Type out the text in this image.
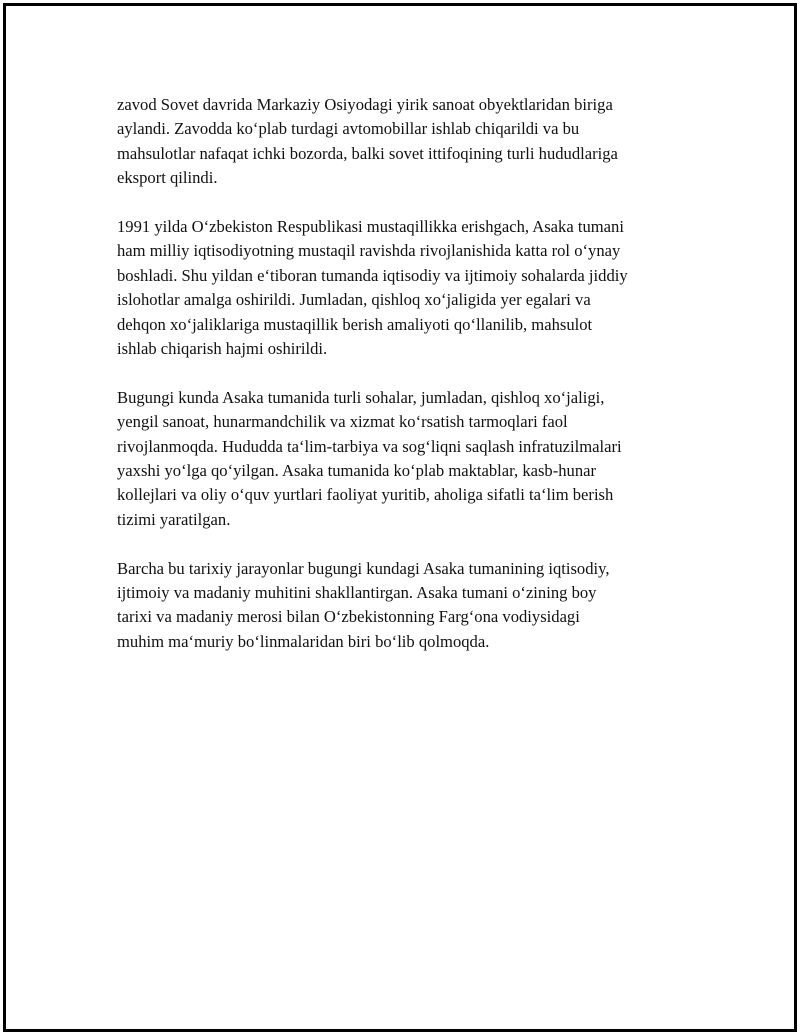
zavod Sovet davrida Markaziy Osiyodagi yirik sanoat obyektlaridan biriga
aylandi. Zavodda koʻplab turdagi avtomobillar ishlab chiqarildi va bu
mahsulotlar nafaqat ichki bozorda, balki sovet ittifoqining turli hududlariga
eksport qilindi.

1991 yilda Oʻzbekiston Respublikasi mustaqillikka erishgach, Asaka tumani
ham milliy iqtisodiyotning mustaqil ravishda rivojlanishida katta rol oʻynay
boshladi. Shu yildan eʻtiboran tumanda iqtisodiy va ijtimoiy sohalarda jiddiy
islohotlar amalga oshirildi. Jumladan, qishloq xoʻjaligida yer egalari va
dehqon xoʻjaliklariga mustaqillik berish amaliyoti qoʻllanilib, mahsulot
ishlab chiqarish hajmi oshirildi.

Bugungi kunda Asaka tumanida turli sohalar, jumladan, qishloq xoʻjaligi,
yengil sanoat, hunarmandchilik va xizmat koʻrsatish tarmoqlari faol
rivojlanmoqda. Hududda taʻlim-tarbiya va sogʻliqni saqlash infratuzilmalari
yaxshi yoʻlga qoʻyilgan. Asaka tumanida koʻplab maktablar, kasb-hunar
kollejlari va oliy oʻquv yurtlari faoliyat yuritib, aholiga sifatli taʻlim berish
tizimi yaratilgan.

Barcha bu tarixiy jarayonlar bugungi kundagi Asaka tumanining iqtisodiy,
ijtimoiy va madaniy muhitini shakllantirgan. Asaka tumani oʻzining boy
tarixi va madaniy merosi bilan Oʻzbekistonning Fargʻona vodiysidagi
muhim maʻmuriy boʻlinmalaridan biri boʻlib qolmoqda.
